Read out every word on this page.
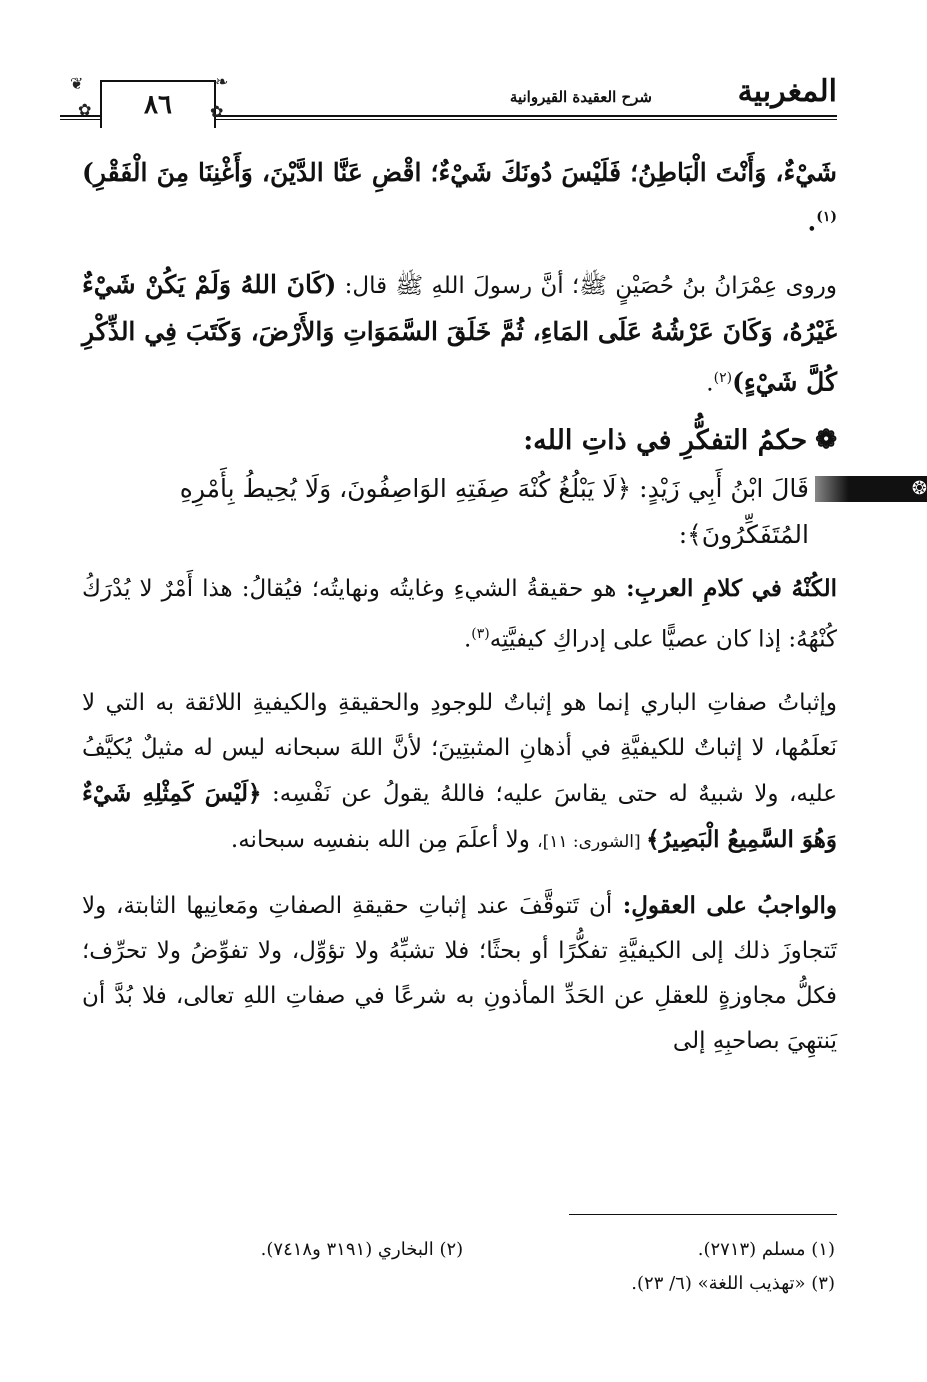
المغربية
شرح العقيدة القيروانية
٨٦
❦
✿
❧
✿

شَيْءٌ، وَأَنْتَ الْبَاطِنُ؛ فَلَيْسَ دُونَكَ شَيْءٌ؛ اقْضِ عَنَّا الدَّيْنَ، وَأَغْنِنَا مِنَ الْفَقْرِ)$^{(١)}$.

وروى عِمْرَانُ بنُ حُصَيْنٍ ﷺ؛ أنَّ رسولَ اللهِ ﷺ قال: (كَانَ اللهُ وَلَمْ يَكُنْ شَيْءٌ غَيْرُهُ، وَكَانَ عَرْشُهُ عَلَى المَاءِ، ثُمَّ خَلَقَ السَّمَوَاتِ وَالأَرْضَ، وَكَتَبَ فِي الذِّكْرِ كُلَّ شَيْءٍ)$^{(٢)}$.

❁
حكمُ التفكُّرِ في ذاتِ الله:
❂
قَالَ ابْنُ أَبِي زَيْدٍ: ﴿لَا يَبْلُغُ كُنْهَ صِفَتِهِ الوَاصِفُونَ، وَلَا يُحِيطُ بِأَمْرِهِ المُتَفَكِّرُونَ﴾:

الكُنْهُ في كلامِ العربِ: هو حقيقةُ الشيءِ وغايتُه ونهايتُه؛ فيُقالُ: هذا أَمْرٌ لا يُدْرَكُ كُنْهُهُ: إذا كان عصيًّا على إدراكِ كيفيَّتِه$^{(٣)}$.

وإثباتُ صفاتِ الباري إنما هو إثباتٌ للوجودِ والحقيقةِ والكيفيةِ اللائقة به التي لا نَعلَمُها، لا إثباتٌ للكيفيَّةِ في أذهانِ المثبتِينَ؛ لأنَّ اللهَ سبحانه ليس له مثيلٌ يُكيَّفُ عليه، ولا شبيهٌ له حتى يقاسَ عليه؛ فاللهُ يقولُ عن نَفْسِه: ﴿لَيْسَ كَمِثْلِهِ شَيْءٌ وَهُوَ السَّمِيعُ الْبَصِيرُ﴾ [الشورى: ١١]، ولا أعلَمَ مِن الله بنفسِه سبحانه.

والواجبُ على العقولِ: أن تَتوقَّفَ عند إثباتِ حقيقةِ الصفاتِ ومَعانِيها الثابتة، ولا تَتجاوزَ ذلك إلى الكيفيَّةِ تفكُّرًا أو بحثًا؛ فلا تشبِّهُ ولا تؤوِّل، ولا تفوِّضُ ولا تحرِّف؛ فكلُّ مجاوزةٍ للعقلِ عن الحَدِّ المأذونِ به شرعًا في صفاتِ اللهِ تعالى، فلا بُدَّ أن يَنتهِيَ بصاحبِهِ إلى

(١) مسلم (٢٧١٣).
(٢) البخاري (٣١٩١ و٧٤١٨).
(٣) «تهذيب اللغة» (٦/ ٢٣).
